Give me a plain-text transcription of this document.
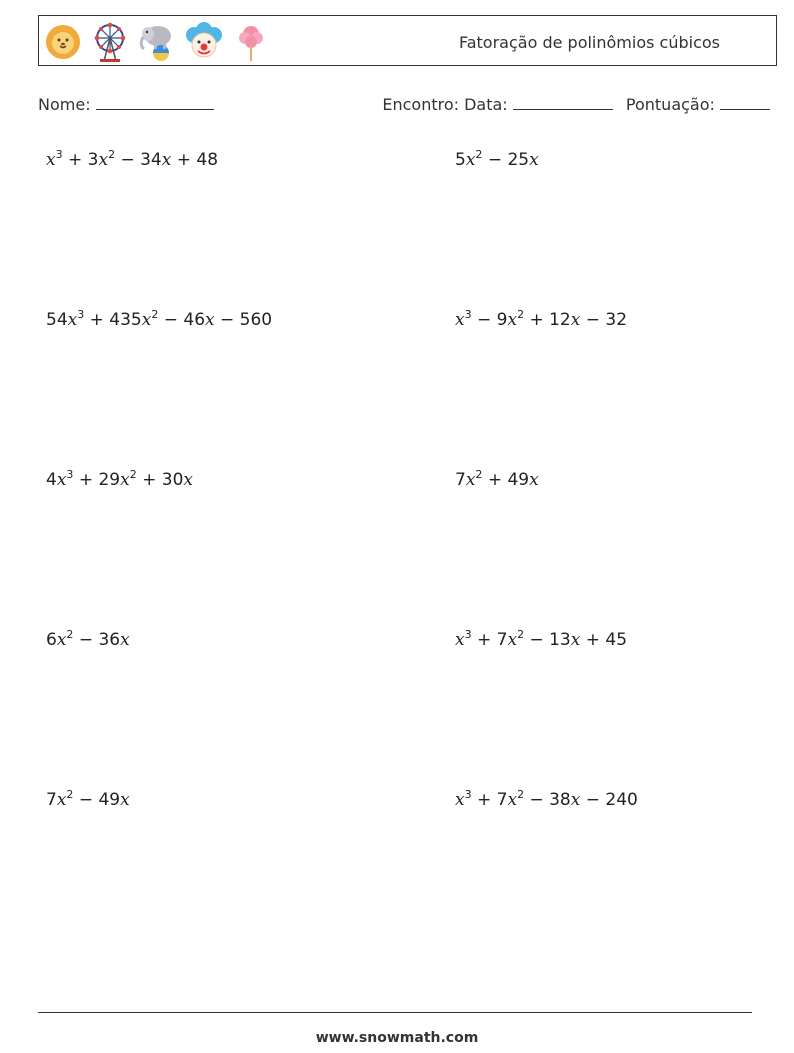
Fatoração de polinômios cúbicos
Nome:	Encontro: Data:	Pontuação:
$x^3 + 3x^2 - 34x + 48$	$5x^2 - 25x$
$54x^3 + 435x^2 - 46x - 560$	$x^3 - 9x^2 + 12x - 32$
$4x^3 + 29x^2 + 30x$	$7x^2 + 49x$
$6x^2 - 36x$	$x^3 + 7x^2 - 13x + 45$
$7x^2 - 49x$	$x^3 + 7x^2 - 38x - 240$
www.snowmath.com
